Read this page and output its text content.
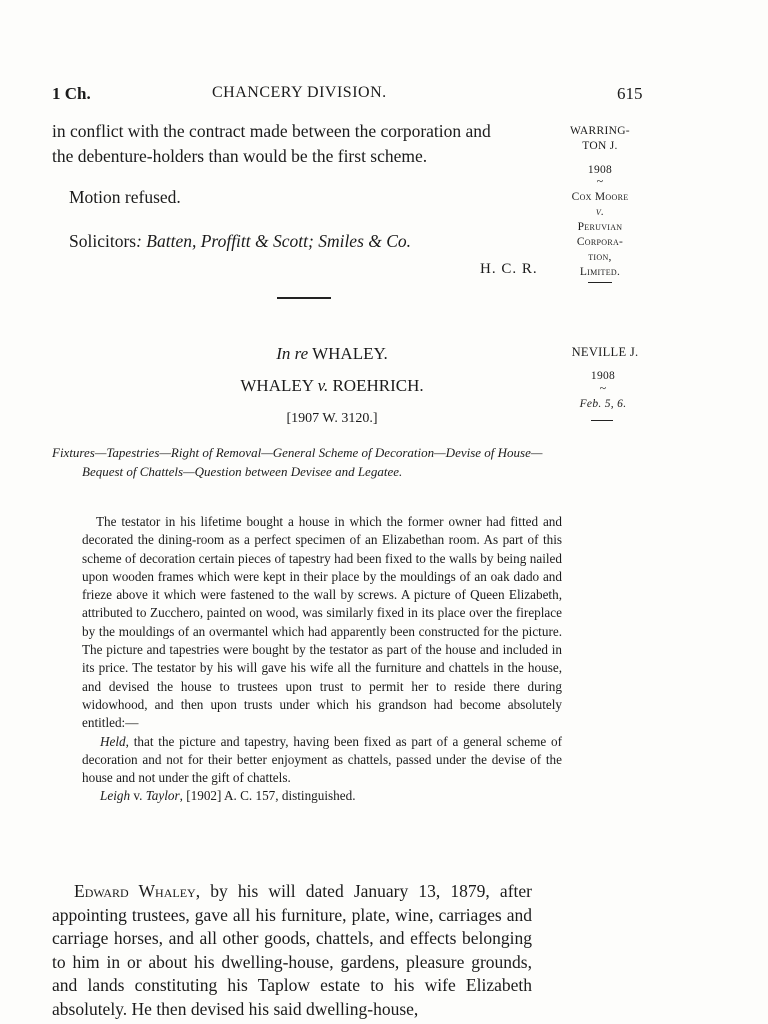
1 Ch.	CHANCERY DIVISION.	615
in conflict with the contract made between the corporation and
the debenture-holders than would be the first scheme.
Motion refused.
Solicitors: Batten, Proffitt & Scott; Smiles & Co.
H. C. R.
WARRING-
TON J.
1908
~
Cox Moore
v.
Peruvian
Corpora-
tion,
Limited.
In re WHALEY.
WHALEY v. ROEHRICH.
[1907 W. 3120.]
NEVILLE J.
1908
~
Feb. 5, 6.
Fixtures—Tapestries—Right of Removal—General Scheme of Decoration—Devise of House—Bequest of Chattels—Question between Devisee and Legatee.

The testator in his lifetime bought a house in which the former owner had fitted and decorated the dining-room as a perfect specimen of an Elizabethan room. As part of this scheme of decoration certain pieces of tapestry had been fixed to the walls by being nailed upon wooden frames which were kept in their place by the mouldings of an oak dado and frieze above it which were fastened to the wall by screws. A picture of Queen Elizabeth, attributed to Zucchero, painted on wood, was similarly fixed in its place over the fireplace by the mouldings of an overmantel which had apparently been constructed for the picture. The picture and tapestries were bought by the testator as part of the house and included in its price. The testator by his will gave his wife all the furniture and chattels in the house, and devised the house to trustees upon trust to permit her to reside there during widowhood, and then upon trusts under which his grandson had become absolutely entitled:—

Held, that the picture and tapestry, having been fixed as part of a general scheme of decoration and not for their better enjoyment as chattels, passed under the devise of the house and not under the gift of chattels.

Leigh v. Taylor, [1902] A. C. 157, distinguished.

Edward Whaley, by his will dated January 13, 1879, after appointing trustees, gave all his furniture, plate, wine, carriages and carriage horses, and all other goods, chattels, and effects belonging to him in or about his dwelling-house, gardens, pleasure grounds, and lands constituting his Taplow estate to his wife Elizabeth absolutely. He then devised his said dwelling-house,
